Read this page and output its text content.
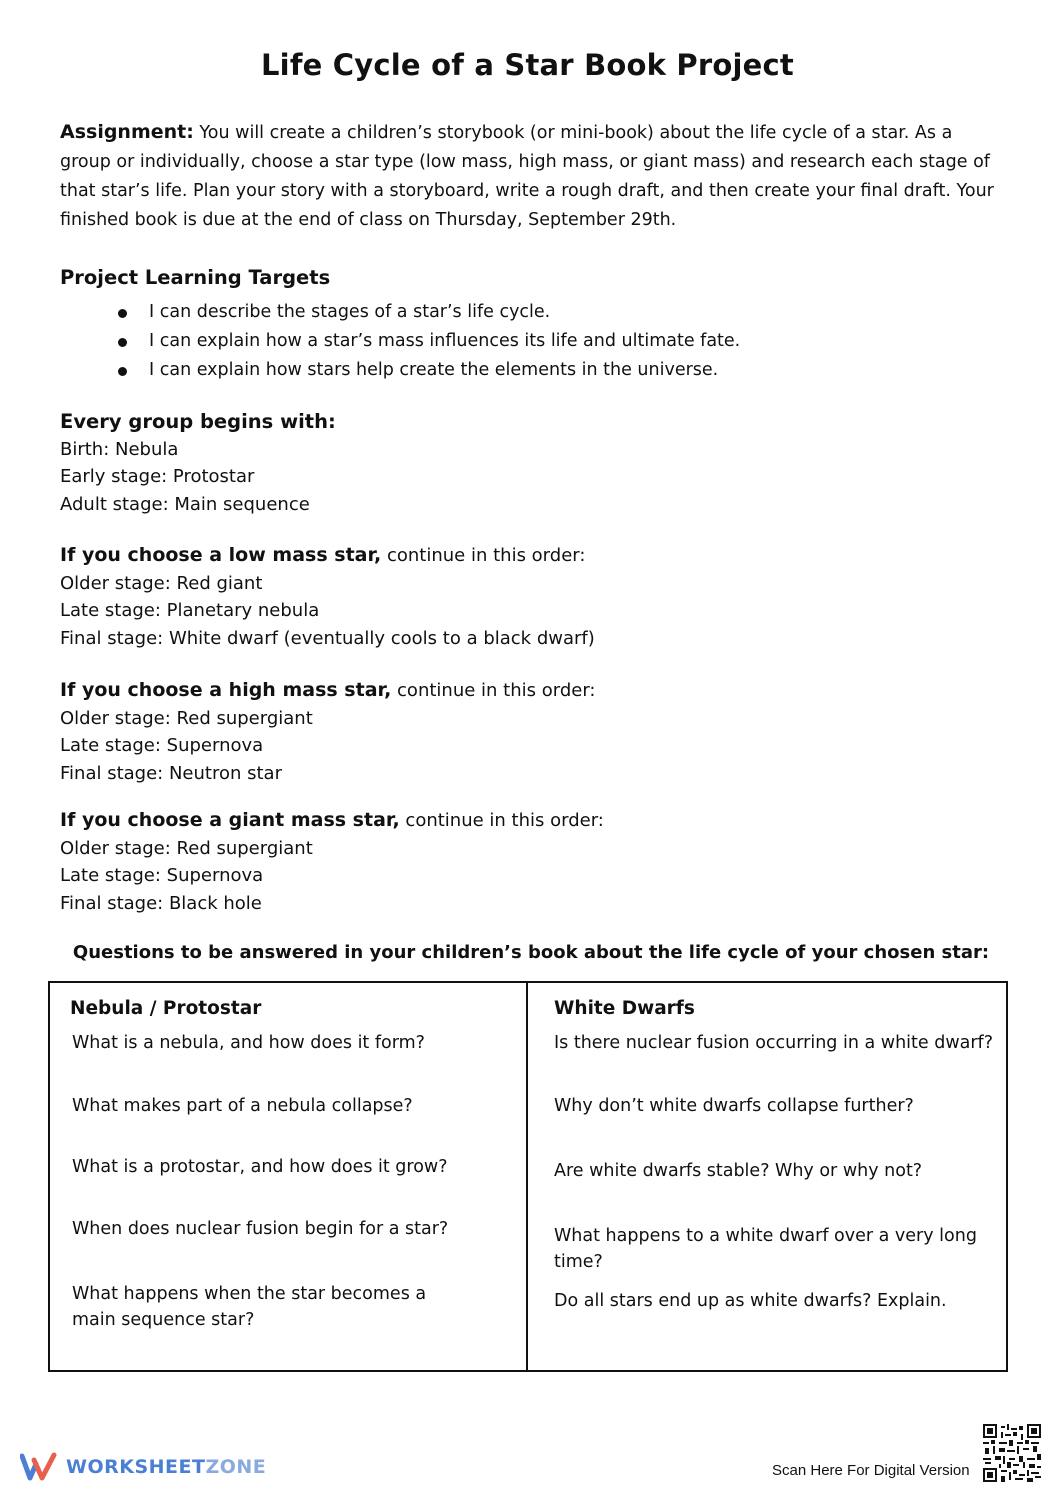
Life Cycle of a Star Book Project
Assignment: You will create a children’s storybook (or mini-book) about the life cycle of a star. As a group or individually, choose a star type (low mass, high mass, or giant mass) and research each stage of that star’s life. Plan your story with a storyboard, write a rough draft, and then create your final draft. Your finished book is due at the end of class on Thursday, September 29th.
Project Learning Targets
I can describe the stages of a star’s life cycle.
I can explain how a star’s mass influences its life and ultimate fate.
I can explain how stars help create the elements in the universe.
Every group begins with:
Birth: Nebula
Early stage: Protostar
Adult stage: Main sequence
If you choose a low mass star, continue in this order:
Older stage: Red giant
Late stage: Planetary nebula
Final stage: White dwarf (eventually cools to a black dwarf)
If you choose a high mass star, continue in this order:
Older stage: Red supergiant
Late stage: Supernova
Final stage: Neutron star
If you choose a giant mass star, continue in this order:
Older stage: Red supergiant
Late stage: Supernova
Final stage: Black hole
Questions to be answered in your children’s book about the life cycle of your chosen star:
Nebula / Protostar
What is a nebula, and how does it form?
What makes part of a nebula collapse?
What is a protostar, and how does it grow?
When does nuclear fusion begin for a star?
What happens when the star becomes a main sequence star?
White Dwarfs
Is there nuclear fusion occurring in a white dwarf?
Why don’t white dwarfs collapse further?
Are white dwarfs stable? Why or why not?
What happens to a white dwarf over a very long time?
Do all stars end up as white dwarfs? Explain.
WORKSHEETZONE	Scan Here For Digital Version
